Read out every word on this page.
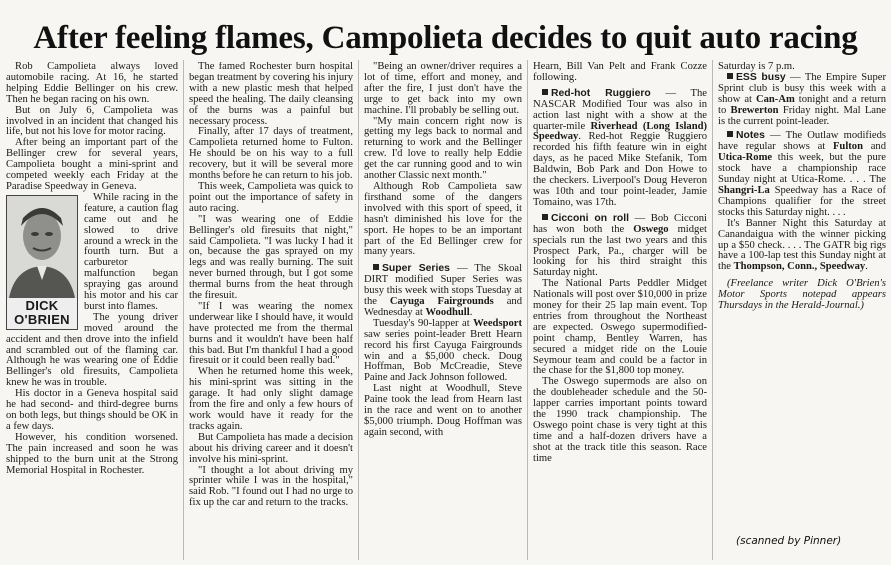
After feeling flames, Campolieta decides to quit auto racing

Rob Campolieta always loved automobile racing. At 16, he started helping Eddie Bellinger on his crew. Then he began racing on his own.

But on July 6, Campolieta was involved in an incident that changed his life, but not his love for motor racing.

After being an important part of the Bellinger crew for several years, Campolieta bought a mini-sprint and competed weekly each Friday at the Paradise Speedway in Geneva.

DICK O'BRIEN

While racing in the feature, a caution flag came out and he slowed to drive around a wreck in the fourth turn. But a carburetor malfunction began spraying gas around his motor and his car burst into flames.

The young driver moved around the accident and then drove into the infield and scrambled out of the flaming car. Although he was wearing one of Eddie Bellinger's old firesuits, Campolieta knew he was in trouble.

His doctor in a Geneva hospital said he had second- and third-degree burns on both legs, but things should be OK in a few days.

However, his condition worsened. The pain increased and soon he was shipped to the burn unit at the Strong Memorial Hospital in Rochester.

The famed Rochester burn hospital began treatment by covering his injury with a new plastic mesh that helped speed the healing. The daily cleansing of the burns was a painful but necessary process.

Finally, after 17 days of treatment, Campolieta returned home to Fulton. He should be on his way to a full recovery, but it will be several more months before he can return to his job.

This week, Campolieta was quick to point out the importance of safety in auto racing.

"I was wearing one of Eddie Bellinger's old firesuits that night," said Campolieta. "I was lucky I had it on, because the gas sprayed on my legs and was really burning. The suit never burned through, but I got some thermal burns from the heat through the firesuit.

"If I was wearing the nomex underwear like I should have, it would have protected me from the thermal burns and it wouldn't have been half this bad. But I'm thankful I had a good firesuit or it could been really bad."

When he returned home this week, his mini-sprint was sitting in the garage. It had only slight damage from the fire and only a few hours of work would have it ready for the tracks again.

But Campolieta has made a decision about his driving career and it doesn't involve his mini-sprint.

"I thought a lot about driving my sprinter while I was in the hospital," said Rob. "I found out I had no urge to fix up the car and return to the tracks.

"Being an owner/driver requires a lot of time, effort and money, and after the fire, I just don't have the urge to get back into my own machine. I'll probably be selling out.

"My main concern right now is getting my legs back to normal and returning to work and the Bellinger crew. I'd love to really help Eddie get the car running good and to win another Classic next month."

Although Rob Campolieta saw firsthand some of the dangers involved with this sport of speed, it hasn't diminished his love for the sport. He hopes to be an important part of the Ed Bellinger crew for many years.

Super Series — The Skoal DIRT modified Super Series was busy this week with stops Tuesday at the Cayuga Fairgrounds and Wednesday at Woodhull.

Tuesday's 90-lapper at Weedsport saw series point-leader Brett Hearn record his first Cayuga Fairgrounds win and a $5,000 check. Doug Hoffman, Bob McCreadie, Steve Paine and Jack Johnson followed.

Last night at Woodhull, Steve Paine took the lead from Hearn last in the race and went on to another $5,000 triumph. Doug Hoffman was again second, with

Hearn, Bill Van Pelt and Frank Cozze following.

Red-hot Ruggiero — The NASCAR Modified Tour was also in action last night with a show at the quarter-mile Riverhead (Long Island) Speedway. Red-hot Reggie Ruggiero recorded his fifth feature win in eight days, as he paced Mike Stefanik, Tom Baldwin, Bob Park and Don Howe to the checkers. Liverpool's Doug Heveron was 10th and tour point-leader, Jamie Tomaino, was 17th.

Cicconi on roll — Bob Cicconi has won both the Oswego midget specials run the last two years and this Prospect Park, Pa., charger will be looking for his third straight this Saturday night.

The National Parts Peddler Midget Nationals will post over $10,000 in prize money for their 25 lap main event. Top entries from throughout the Northeast are expected. Oswego supermodified-point champ, Bentley Warren, has secured a midget ride on the Louie Seymour team and could be a factor in the chase for the $1,800 top money.

The Oswego supermods are also on the doubleheader schedule and the 50-lapper carries important points toward the 1990 track championship. The Oswego point chase is very tight at this time and a half-dozen drivers have a shot at the track title this season. Race time

Saturday is 7 p.m.

ESS busy — The Empire Super Sprint club is busy this week with a show at Can-Am tonight and a return to Brewerton Friday night. Mal Lane is the current point-leader.

Notes — The Outlaw modifieds have regular shows at Fulton and Utica-Rome this week, but the pure stock have a championship race Sunday night at Utica-Rome. . . . The Shangri-La Speedway has a Race of Champions qualifier for the street stocks this Saturday night. . . .

It's Banner Night this Saturday at Canandaigua with the winner picking up a $50 check. . . . The GATR big rigs have a 100-lap test this Sunday night at the Thompson, Conn., Speedway.

(Freelance writer Dick O'Brien's Motor Sports notepad appears Thursdays in the Herald-Journal.)

(scanned by Pinner)
